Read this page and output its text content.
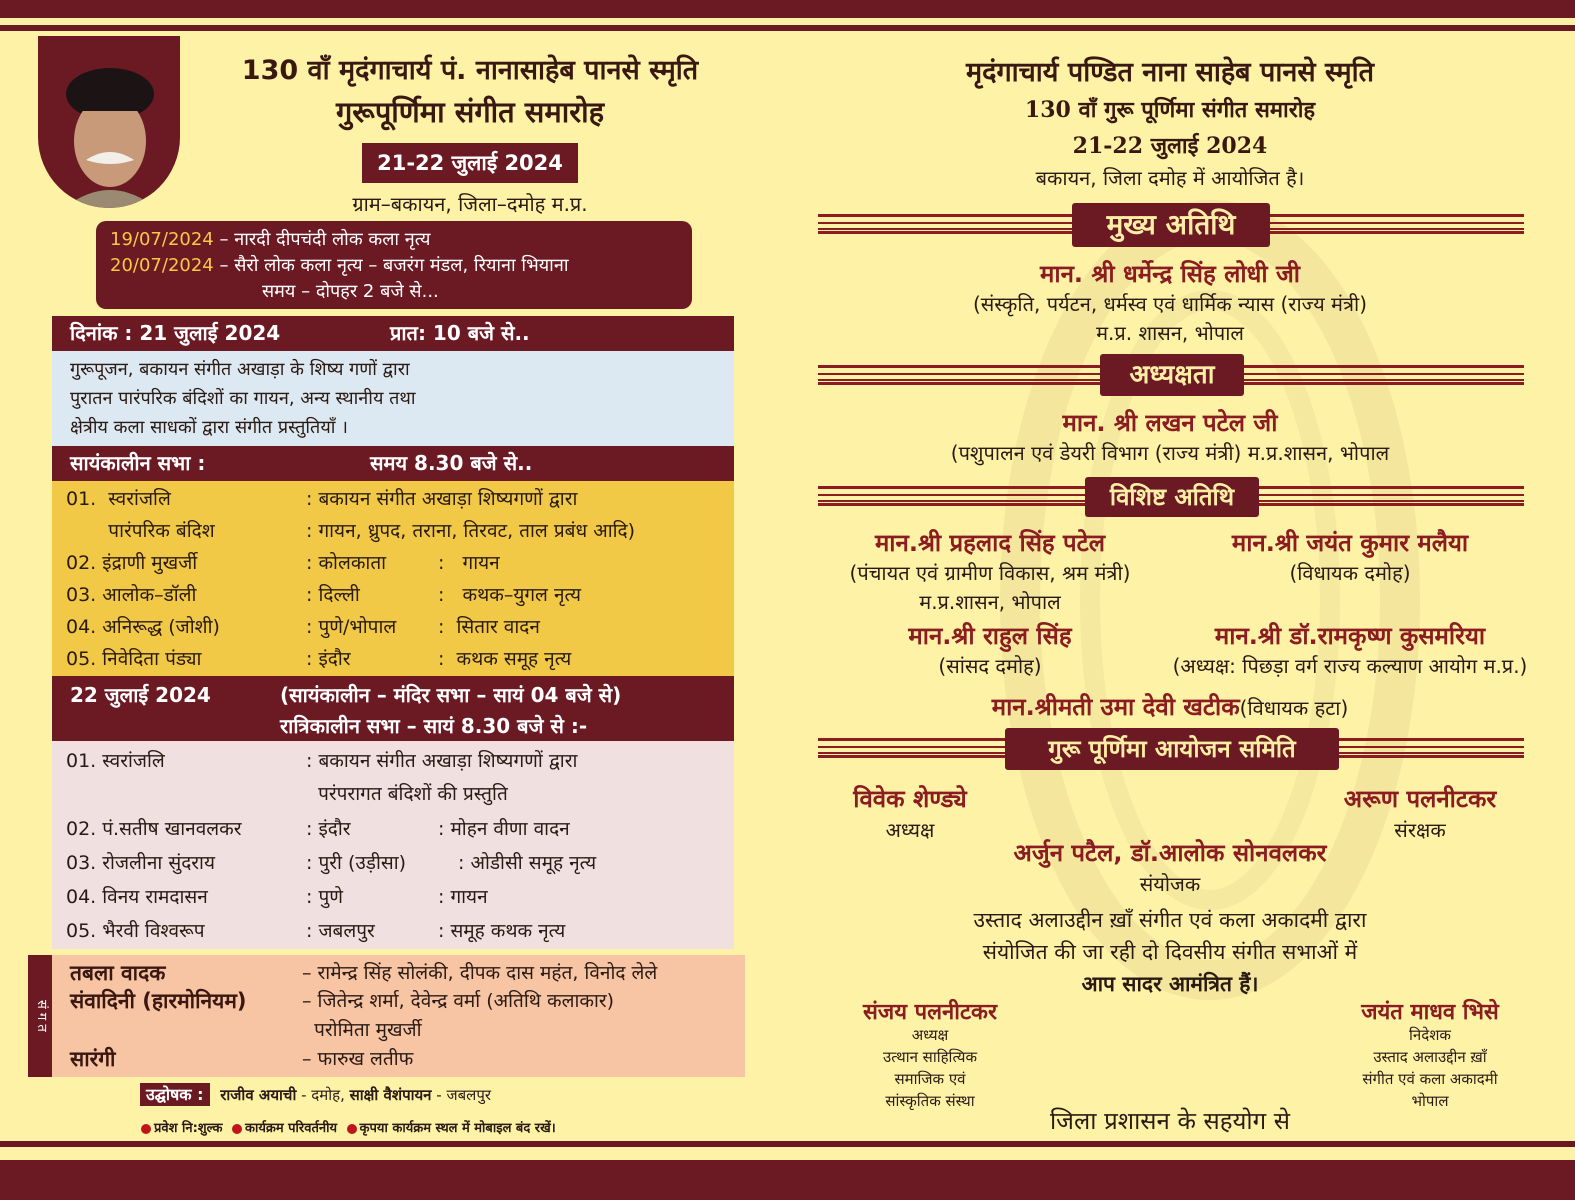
130 वाँ मृदंगाचार्य पं. नानासाहेब पानसे स्मृति
गुरूपूर्णिमा संगीत समारोह
21-22 जुलाई 2024
ग्राम–बकायन, जिला–दमोह म.प्र.
19/07/2024 – नारदी दीपचंदी लोक कला नृत्य
20/07/2024 – सैरो लोक कला नृत्य – बजरंग मंडल, रियाना भियाना
समय – दोपहर 2 बजे से...
दिनांक : 21 जुलाई 2024	प्रात: 10 बजे से..
गुरूपूजन, बकायन संगीत अखाड़ा के शिष्य गणों द्वारा
पुरातन पारंपरिक बंदिशों का गायन, अन्य स्थानीय तथा
क्षेत्रीय कला साधकों द्वारा संगीत प्रस्तुतियाँ ।
सायंकालीन सभा :	समय 8.30 बजे से..
01.  स्वरांजलि	: बकायन संगीत अखाड़ा शिष्यगणों द्वारा
पारंपरिक बंदिश	: गायन, ध्रुपद, तराना, तिरवट, ताल प्रबंध आदि)
02. इंद्राणी मुखर्जी	: कोलकाता	:   गायन
03. आलोक–डॉली	: दिल्ली	:   कथक–युगल नृत्य
04. अनिरूद्ध (जोशी)	: पुणे/भोपाल :  सितार वादन
05. निवेदिता पंड्या	: इंदौर	:  कथक समूह नृत्य
22 जुलाई 2024	(सायंकालीन – मंदिर सभा – सायं 04 बजे से)
रात्रिकालीन सभा – सायं 8.30 बजे से :-
01. स्वरांजलि	: बकायन संगीत अखाड़ा शिष्यगणों द्वारा
परंपरागत बंदिशों की प्रस्तुति
02. पं.सतीष खानवलकर	: इंदौर	: मोहन वीणा वादन
03. रोजलीना सुंदराय	: पुरी (उड़ीसा)	: ओडीसी समूह नृत्य
04. विनय रामदासन	: पुणे	: गायन
05. भैरवी विश्वरूप	: जबलपुर	: समूह कथक नृत्य
सं ग त
तबला वादक	– रामेन्द्र सिंह सोलंकी, दीपक दास महंत, विनोद लेले
संवादिनी (हारमोनियम)	– जितेन्द्र शर्मा, देवेन्द्र वर्मा (अतिथि कलाकार)
परोमिता मुखर्जी
सारंगी	– फारुख लतीफ
उद्घोषक : राजीव अयाची - दमोह, साक्षी वैशंपायन - जबलपुर
प्रवेश नि:शुल्क कार्यक्रम परिवर्तनीय कृपया कार्यक्रम स्थल में मोबाइल बंद रखें।
मृदंगाचार्य पण्डित नाना साहेब पानसे स्मृति
130 वाँ गुरू पूर्णिमा संगीत समारोह
21-22 जुलाई 2024
बकायन, जिला दमोह में आयोजित है।
मुख्य अतिथि
मान. श्री धर्मेन्द्र सिंह लोधी जी
(संस्कृति, पर्यटन, धर्मस्व एवं धार्मिक न्यास (राज्य मंत्री)
म.प्र. शासन, भोपाल
अध्यक्षता
मान. श्री लखन पटेल जी
(पशुपालन एवं डेयरी विभाग (राज्य मंत्री) म.प्र.शासन, भोपाल
विशिष्ट अतिथि
मान.श्री प्रहलाद सिंह पटेल
(पंचायत एवं ग्रामीण विकास, श्रम मंत्री)
म.प्र.शासन, भोपाल
मान.श्री जयंत कुमार मलैया
(विधायक दमोह)
मान.श्री राहुल सिंह
(सांसद दमोह)
मान.श्री डॉ.रामकृष्ण कुसमरिया
(अध्यक्ष: पिछड़ा वर्ग राज्य कल्याण आयोग म.प्र.)
मान.श्रीमती उमा देवी खटीक(विधायक हटा)
गुरू पूर्णिमा आयोजन समिति
विवेक शेण्ड्ये
अध्यक्ष
अरूण पलनीटकर
संरक्षक
अर्जुन पटैल, डॉ.आलोक सोनवलकर
संयोजक
उस्ताद अलाउद्दीन ख़ाँ संगीत एवं कला अकादमी द्वारा
संयोजित की जा रही दो दिवसीय संगीत सभाओं में
आप सादर आमंत्रित हैं।
संजय पलनीटकर
अध्यक्ष
उत्थान साहित्यिक
समाजिक एवं
सांस्कृतिक संस्था
जयंत माधव भिसे
निदेशक
उस्ताद अलाउद्दीन ख़ाँ
संगीत एवं कला अकादमी
भोपाल
जिला प्रशासन के सहयोग से
